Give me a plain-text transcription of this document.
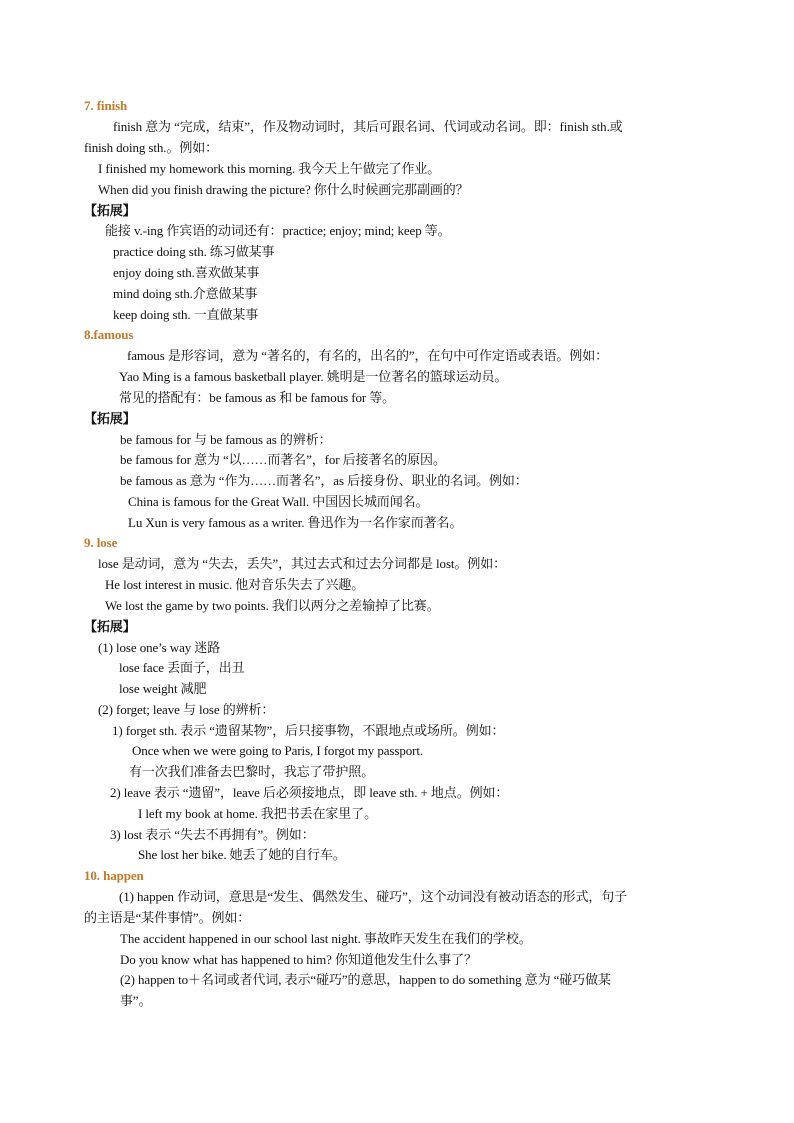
7. finish
finish 意为 “完成，结束”，作及物动词时，其后可跟名词、代词或动名词。即：finish sth.或
finish doing sth.。例如：
I finished my homework this morning. 我今天上午做完了作业。
When did you finish drawing the picture? 你什么时候画完那副画的？
【拓展】
能接 v.-ing 作宾语的动词还有：practice; enjoy; mind; keep 等。
practice doing sth. 练习做某事
enjoy doing sth.喜欢做某事
mind doing sth.介意做某事
keep doing sth. 一直做某事
8.famous
famous 是形容词，意为 “著名的，有名的，出名的”，在句中可作定语或表语。例如：
Yao Ming is a famous basketball player. 姚明是一位著名的篮球运动员。
常见的搭配有：be famous as 和 be famous for 等。
【拓展】
be famous for 与 be famous as 的辨析：
be famous for 意为 “以……而著名”，for 后接著名的原因。
be famous as 意为 “作为……而著名”，as 后接身份、职业的名词。例如：
China is famous for the Great Wall. 中国因长城而闻名。
Lu Xun is very famous as a writer. 鲁迅作为一名作家而著名。
9. lose
lose 是动词，意为 “失去，丢失”，其过去式和过去分词都是 lost。例如：
He lost interest in music. 他对音乐失去了兴趣。
We lost the game by two points. 我们以两分之差输掉了比赛。
【拓展】
(1) lose one’s way 迷路
lose face 丢面子，出丑
lose weight 减肥
(2) forget; leave 与 lose 的辨析：
1) forget sth. 表示 “遗留某物”，后只接事物，不跟地点或场所。例如：
Once when we were going to Paris, I forgot my passport.
有一次我们准备去巴黎时，我忘了带护照。
2) leave 表示 “遗留”，leave 后必须接地点，即 leave sth. + 地点。例如：
I left my book at home. 我把书丢在家里了。
3) lost 表示 “失去不再拥有”。例如：
She lost her bike. 她丢了她的自行车。
10. happen
(1) happen 作动词，意思是“发生、偶然发生、碰巧”，这个动词没有被动语态的形式，句子
的主语是“某件事情”。例如：
The accident happened in our school last night. 事故昨天发生在我们的学校。
Do you know what has happened to him? 你知道他发生什么事了？
(2) happen to＋名词或者代词, 表示“碰巧”的意思，happen to do something 意为 “碰巧做某
事”。
